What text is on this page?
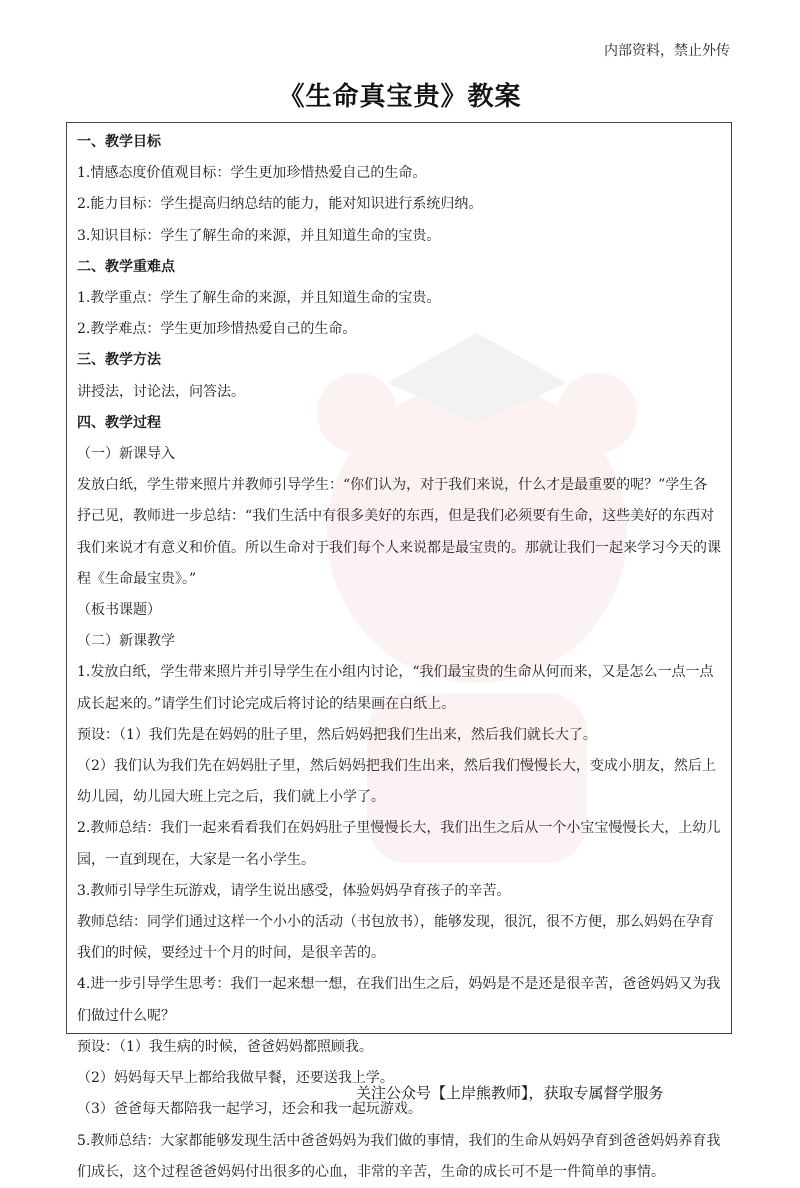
内部资料，禁止外传
《生命真宝贵》教案

一、教学目标

1.情感态度价值观目标：学生更加珍惜热爱自己的生命。

2.能力目标：学生提高归纳总结的能力，能对知识进行系统归纳。

3.知识目标：学生了解生命的来源，并且知道生命的宝贵。

二、教学重难点

1.教学重点：学生了解生命的来源，并且知道生命的宝贵。

2.教学难点：学生更加珍惜热爱自己的生命。

三、教学方法

讲授法，讨论法，问答法。

四、教学过程

（一）新课导入

发放白纸，学生带来照片并教师引导学生：“你们认为，对于我们来说，什么才是最重要的呢？”学生各抒己见，教师进一步总结：“我们生活中有很多美好的东西，但是我们必须要有生命，这些美好的东西对我们来说才有意义和价值。所以生命对于我们每个人来说都是最宝贵的。那就让我们一起来学习今天的课程《生命最宝贵》。”

（板书课题）

（二）新课教学

1.发放白纸，学生带来照片并引导学生在小组内讨论，“我们最宝贵的生命从何而来，又是怎么一点一点成长起来的。”请学生们讨论完成后将讨论的结果画在白纸上。

预设：（1）我们先是在妈妈的肚子里，然后妈妈把我们生出来，然后我们就长大了。

（2）我们认为我们先在妈妈肚子里，然后妈妈把我们生出来，然后我们慢慢长大，变成小朋友，然后上幼儿园，幼儿园大班上完之后，我们就上小学了。

2.教师总结：我们一起来看看我们在妈妈肚子里慢慢长大，我们出生之后从一个小宝宝慢慢长大，上幼儿园，一直到现在，大家是一名小学生。

3.教师引导学生玩游戏，请学生说出感受，体验妈妈孕育孩子的辛苦。

教师总结：同学们通过这样一个小小的活动（书包放书），能够发现，很沉，很不方便，那么妈妈在孕育我们的时候，要经过十个月的时间，是很辛苦的。

4.进一步引导学生思考：我们一起来想一想，在我们出生之后，妈妈是不是还是很辛苦，爸爸妈妈又为我们做过什么呢？

预设：（1）我生病的时候，爸爸妈妈都照顾我。

（2）妈妈每天早上都给我做早餐，还要送我上学。

（3）爸爸每天都陪我一起学习，还会和我一起玩游戏。

5.教师总结：大家都能够发现生活中爸爸妈妈为我们做的事情，我们的生命从妈妈孕育到爸爸妈妈养育我们成长，这个过程爸爸妈妈付出很多的心血，非常的辛苦，生命的成长可不是一件简单的事情。

关注公众号【上岸熊教师】，获取专属督学服务
